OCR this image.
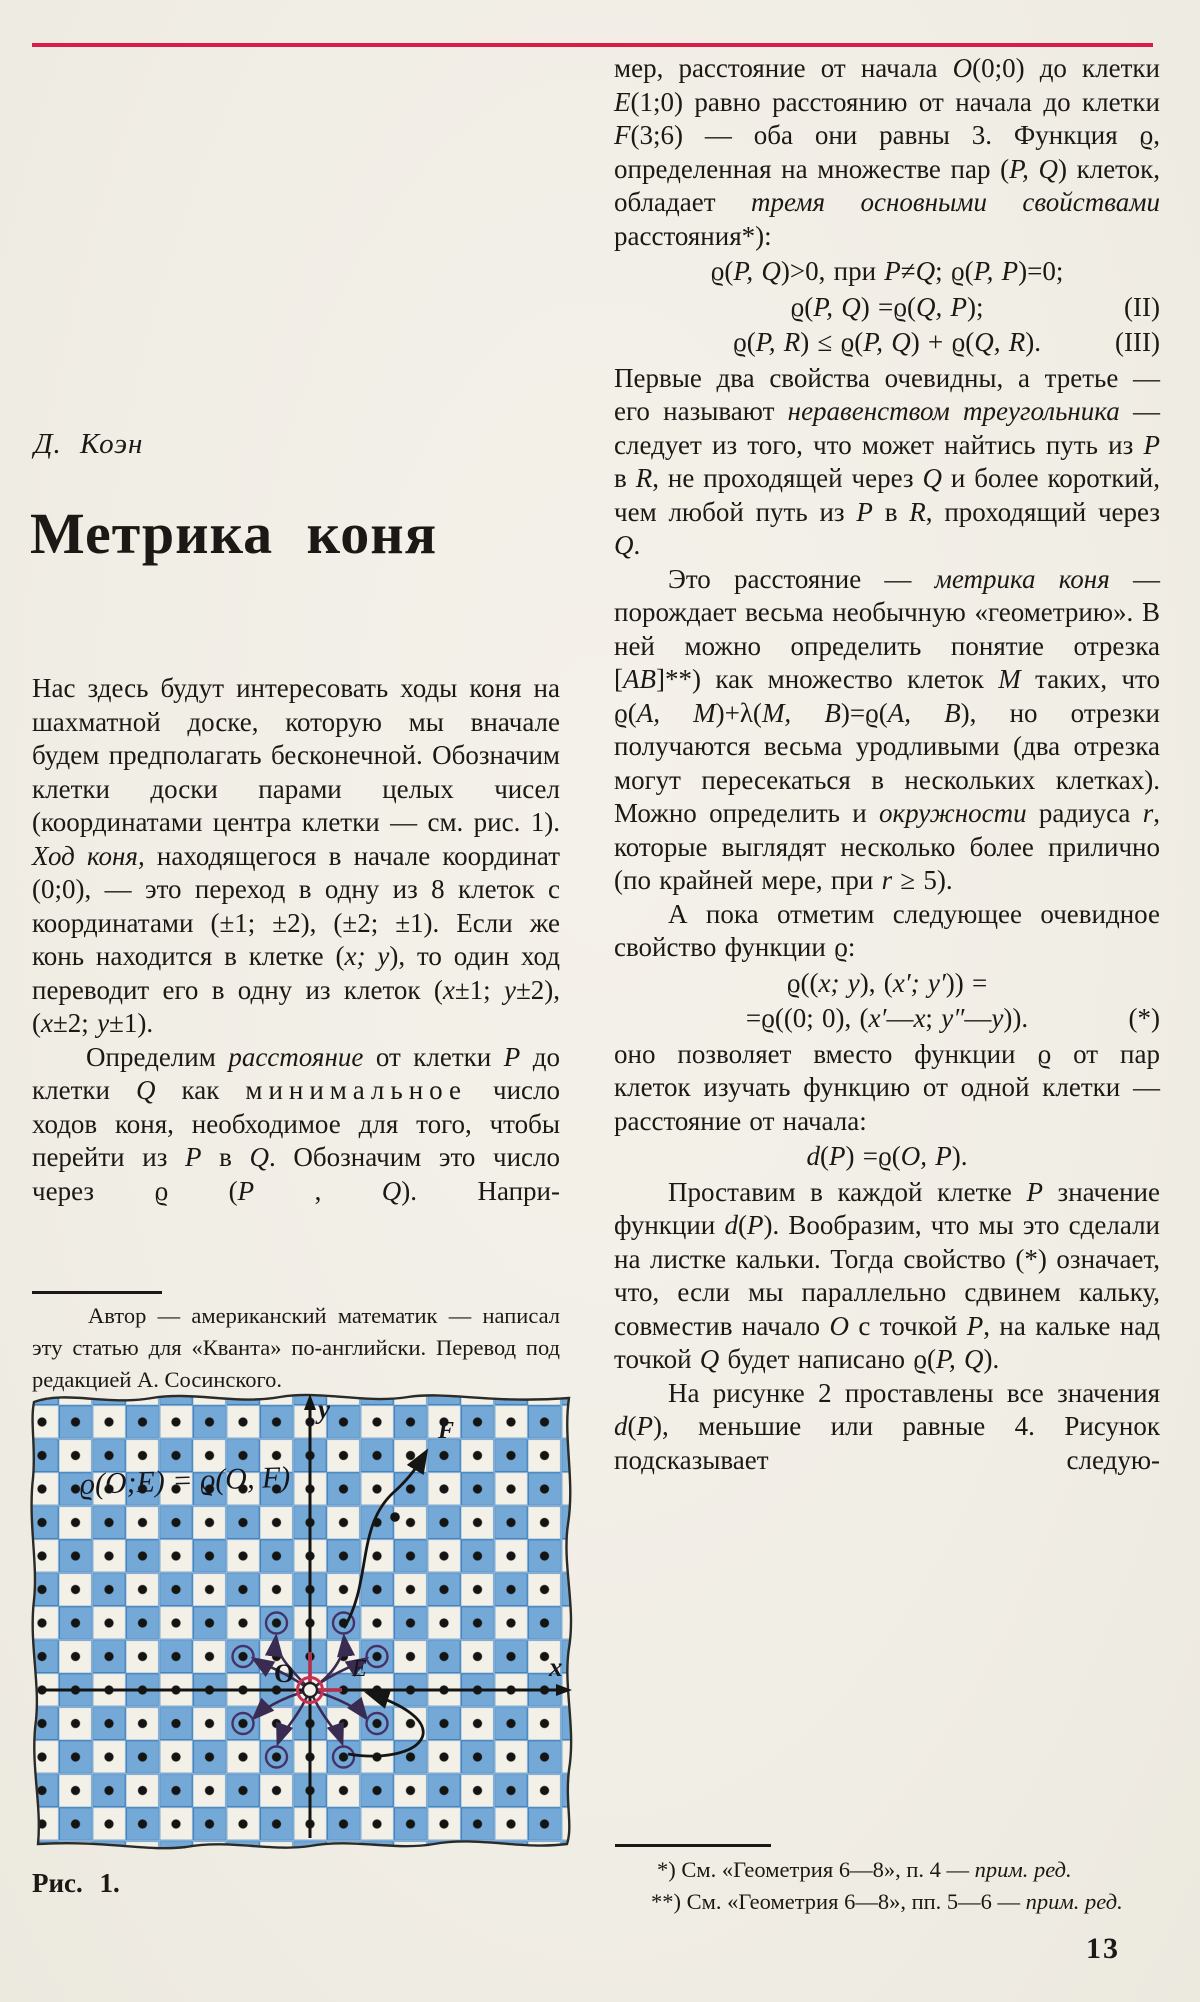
Д. Коэн
Метрика коня

Нас здесь будут интересовать ходы коня на шахматной доске, которую мы вначале будем предполагать бесконечной. Обозначим клетки доски парами целых чисел (координатами центра клетки — см. рис. 1). Ход коня, находящегося в начале координат (0;0), — это переход в одну из 8 клеток с координатами (±1; ±2), (±2; ±1). Если же конь находится в клетке (x; y), то один ход переводит его в одну из клеток (x±1; y±2), (x±2; y±1).

Определим расстояние от клетки P до клетки Q как минимальное число ходов коня, необходимое для того, чтобы перейти из P в Q. Обозначим это число через ϱ (P , Q). Напри-

Автор — американский математик — написал эту статью для «Кванта» по-английски. Перевод под редакцией А. Сосинского.

y
x
O E
F
ϱ(O;E) = ϱ(O, F)
Рис. 1.

мер, расстояние от начала O(0;0) до клетки E(1;0) равно расстоянию от начала до клетки F(3;6) — оба они равны 3. Функция ϱ, определенная на множестве пар (P, Q) клеток, обладает тремя основными свойствами расстояния*):

ϱ(P, Q)>0, при P≠Q; ϱ(P, P)=0;
ϱ(P, Q) =ϱ(Q, P);	(II)
ϱ(P, R) ≤ ϱ(P, Q) + ϱ(Q, R).	(III)

Первые два свойства очевидны, а третье — его называют неравенством треугольника — следует из того, что может найтись путь из P в R, не проходящей через Q и более короткий, чем любой путь из P в R, проходящий через Q.

Это расстояние — метрика коня — порождает весьма необычную «геометрию». В ней можно определить понятие отрезка [AB]**) как множество клеток M таких, что ϱ(A, M)+λ(M, B)=ϱ(A, B), но отрезки получаются весьма уродливыми (два отрезка могут пересекаться в нескольких клетках). Можно определить и окружности радиуса r, которые выглядят несколько более прилично (по крайней мере, при r ≥ 5).

А пока отметим следующее очевидное свойство функции ϱ:

ϱ((x; y), (x′; y′)) =
=ϱ((0; 0), (x′—x; y″—y)).	(*)

оно позволяет вместо функции ϱ от пар клеток изучать функцию от одной клетки — расстояние от начала:

d(P) =ϱ(O, P).

Проставим в каждой клетке P значение функции d(P). Вообразим, что мы это сделали на листке кальки. Тогда свойство (*) означает, что, если мы параллельно сдвинем кальку, совместив начало O с точкой P, на кальке над точкой Q будет написано ϱ(P, Q).

На рисунке 2 проставлены все значения d(P), меньшие или равные 4. Рисунок подсказывает следую-

*) См. «Геометрия 6—8», п. 4 — прим. ред.

**) См. «Геометрия 6—8», пп. 5—6 — прим. ред.

13
